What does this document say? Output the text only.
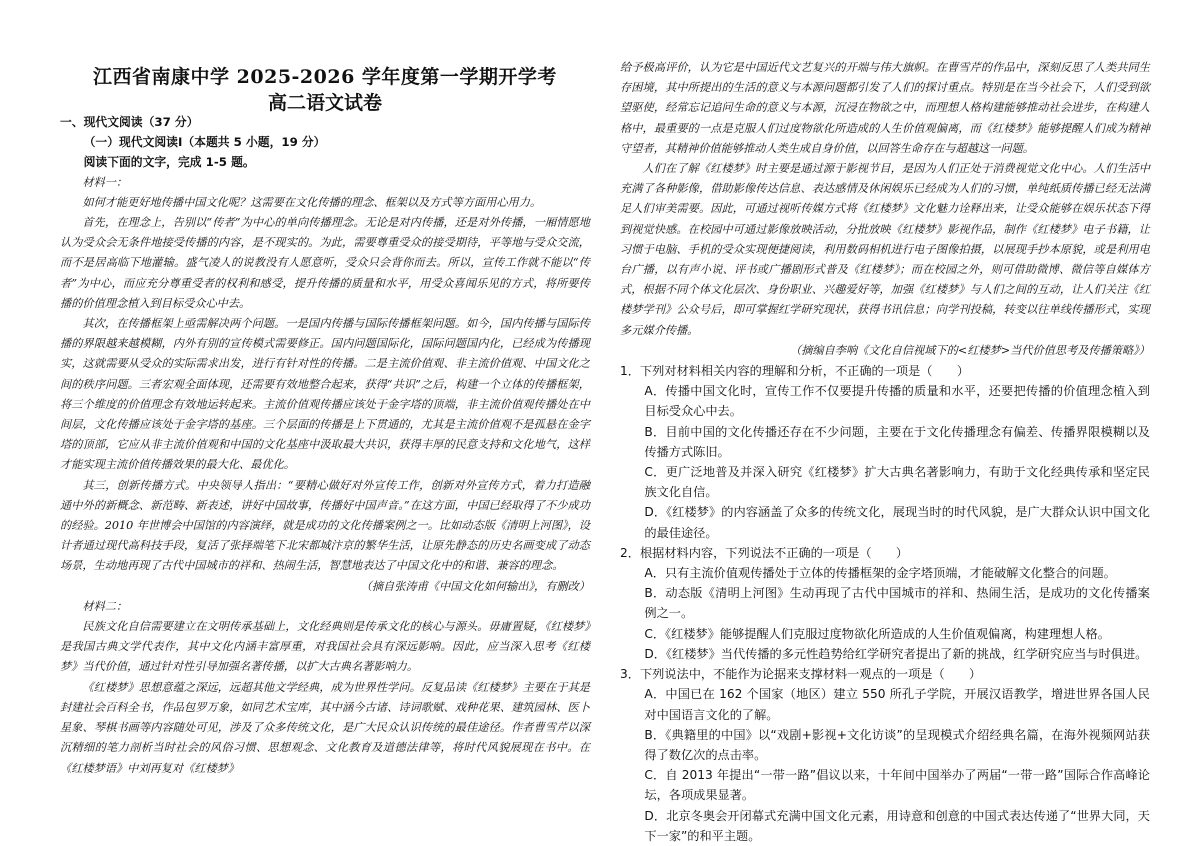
江西省南康中学 2025-2026 学年度第一学期开学考
高二语文试卷

一、现代文阅读（37 分）

（一）现代文阅读Ⅰ（本题共 5 小题，19 分）

阅读下面的文字，完成 1-5 题。

材料一：

如何才能更好地传播中国文化呢？这需要在文化传播的理念、框架以及方式等方面用心用力。

首先，在理念上，告别以“传者”为中心的单向传播理念。无论是对内传播，还是对外传播，一厢情愿地认为受众会无条件地接受传播的内容，是不现实的。为此，需要尊重受众的接受期待，平等地与受众交流，而不是居高临下地灌输。盛气凌人的说教没有人愿意听，受众只会背你而去。所以，宣传工作就不能以“传者”为中心，而应充分尊重受者的权利和感受，提升传播的质量和水平，用受众喜闻乐见的方式，将所要传播的价值理念植入到目标受众心中去。

其次，在传播框架上亟需解决两个问题。一是国内传播与国际传播框架问题。如今，国内传播与国际传播的界限越来越模糊，内外有别的宣传模式需要修正。国内问题国际化，国际问题国内化，已经成为传播现实，这就需要从受众的实际需求出发，进行有针对性的传播。二是主流价值观、非主流价值观、中国文化之间的秩序问题。三者宏观全面体现，还需要有效地整合起来，获得“共识”之后，构建一个立体的传播框架，将三个维度的价值理念有效地运转起来。主流价值观传播应该处于金字塔的顶端，非主流价值观传播处在中间层，文化传播应该处于金字塔的基座。三个层面的传播是上下贯通的，尤其是主流价值观不是孤悬在金字塔的顶部，它应从非主流价值观和中国的文化基座中汲取最大共识，获得丰厚的民意支持和文化地气，这样才能实现主流价值传播效果的最大化、最优化。

其三，创新传播方式。中央领导人指出：“要精心做好对外宣传工作，创新对外宣传方式，着力打造融通中外的新概念、新范畴、新表述，讲好中国故事，传播好中国声音。”在这方面，中国已经取得了不少成功的经验。2010 年世博会中国馆的内容演绎，就是成功的文化传播案例之一。比如动态版《清明上河图》，设计者通过现代高科技手段，复活了张择端笔下北宋都城汴京的繁华生活，让原先静态的历史名画变成了动态场景，生动地再现了古代中国城市的祥和、热闹生活，智慧地表达了中国文化中的和谐、兼容的理念。

（摘自张涛甫《中国文化如何输出》，有删改）

材料二：

民族文化自信需要建立在文明传承基础上，文化经典则是传承文化的核心与源头。毋庸置疑，《红楼梦》是我国古典文学代表作，其中文化内涵丰富厚重，对我国社会具有深远影响。因此，应当深入思考《红楼梦》当代价值，通过针对性引导加强名著传播，以扩大古典名著影响力。

《红楼梦》思想意蕴之深远，远超其他文学经典，成为世界性学问。反复品读《红楼梦》主要在于其是封建社会百科全书，作品包罗万象，如同艺术宝库，其中涵今古诸、诗词歌赋、戏种花果、建筑园林、医卜星象、琴棋书画等内容随处可见，涉及了众多传统文化，是广大民众认识传统的最佳途径。作者曹雪芹以深沉精细的笔力剖析当时社会的风俗习惯、思想观念、文化教育及道德法律等，将时代风貌展现在书中。在《红楼梦语》中刘再复对《红楼梦》

给予极高评价，认为它是中国近代文艺复兴的开端与伟大旗帜。在曹雪芹的作品中，深刻反思了人类共同生存困境，其中所提出的生活的意义与本源问题都引发了人们的探讨重点。特别是在当今社会下，人们受到欲望驱使，经常忘记追问生命的意义与本源，沉浸在物欲之中，而理想人格构建能够推动社会进步，在构建人格中，最重要的一点是克服人们过度物欲化所造成的人生价值观偏离，而《红楼梦》能够提醒人们成为精神守望者，其精神价值能够推动人类生成自身价值，以回答生命存在与超越这一问题。

人们在了解《红楼梦》时主要是通过源于影视节目，是因为人们正处于消费视觉文化中心。人们生活中充满了各种影像，借助影像传达信息、表达感情及休闲娱乐已经成为人们的习惯，单纯纸质传播已经无法满足人们审美需要。因此，可通过视听传媒方式将《红楼梦》文化魅力诠释出来，让受众能够在娱乐状态下得到视觉快感。在校园中可通过影像放映活动，分批放映《红楼梦》影视作品，制作《红楼梦》电子书籍，让习惯于电脑、手机的受众实现便捷阅读，利用数码相机进行电子图像拍摄，以展现手抄本原貌，或是利用电台广播，以有声小说、评书或广播剧形式普及《红楼梦》；而在校园之外，则可借助微博、微信等自媒体方式，根据不同个体文化层次、身份职业、兴趣爱好等，加强《红楼梦》与人们之间的互动，让人们关注《红楼梦学刊》公众号后，即可掌握红学研究现状，获得书讯信息；向学刊投稿，转变以往单线传播形式，实现多元媒介传播。

（摘编自李响《文化自信视域下的<红楼梦>当代价值思考及传播策略》）

1．下列对材料相关内容的理解和分析，不正确的一项是（　　）

A．传播中国文化时，宣传工作不仅要提升传播的质量和水平，还要把传播的价值理念植入到目标受众心中去。

B．目前中国的文化传播还存在不少问题，主要在于文化传播理念有偏差、传播界限模糊以及传播方式陈旧。

C．更广泛地普及并深入研究《红楼梦》扩大古典名著影响力，有助于文化经典传承和坚定民族文化自信。

D．《红楼梦》的内容涵盖了众多的传统文化，展现当时的时代风貌，是广大群众认识中国文化的最佳途径。

2．根据材料内容，下列说法不正确的一项是（　　）

A．只有主流价值观传播处于立体的传播框架的金字塔顶端，才能破解文化整合的问题。

B．动态版《清明上河图》生动再现了古代中国城市的祥和、热闹生活，是成功的文化传播案例之一。

C．《红楼梦》能够提醒人们克服过度物欲化所造成的人生价值观偏离，构建理想人格。

D．《红楼梦》当代传播的多元性趋势给红学研究者提出了新的挑战，红学研究应当与时俱进。

3．下列说法中，不能作为论据来支撑材料一观点的一项是（　　）

A．中国已在 162 个国家（地区）建立 550 所孔子学院，开展汉语教学，增进世界各国人民对中国语言文化的了解。

B．《典籍里的中国》以“戏剧+影视+文化访谈”的呈现模式介绍经典名篇，在海外视频网站获得了数亿次的点击率。

C．自 2013 年提出“一带一路”倡议以来，十年间中国举办了两届“一带一路”国际合作高峰论坛，各项成果显著。

D．北京冬奥会开闭幕式充满中国文化元素，用诗意和创意的中国式表达传递了“世界大同，天下一家”的和平主题。
